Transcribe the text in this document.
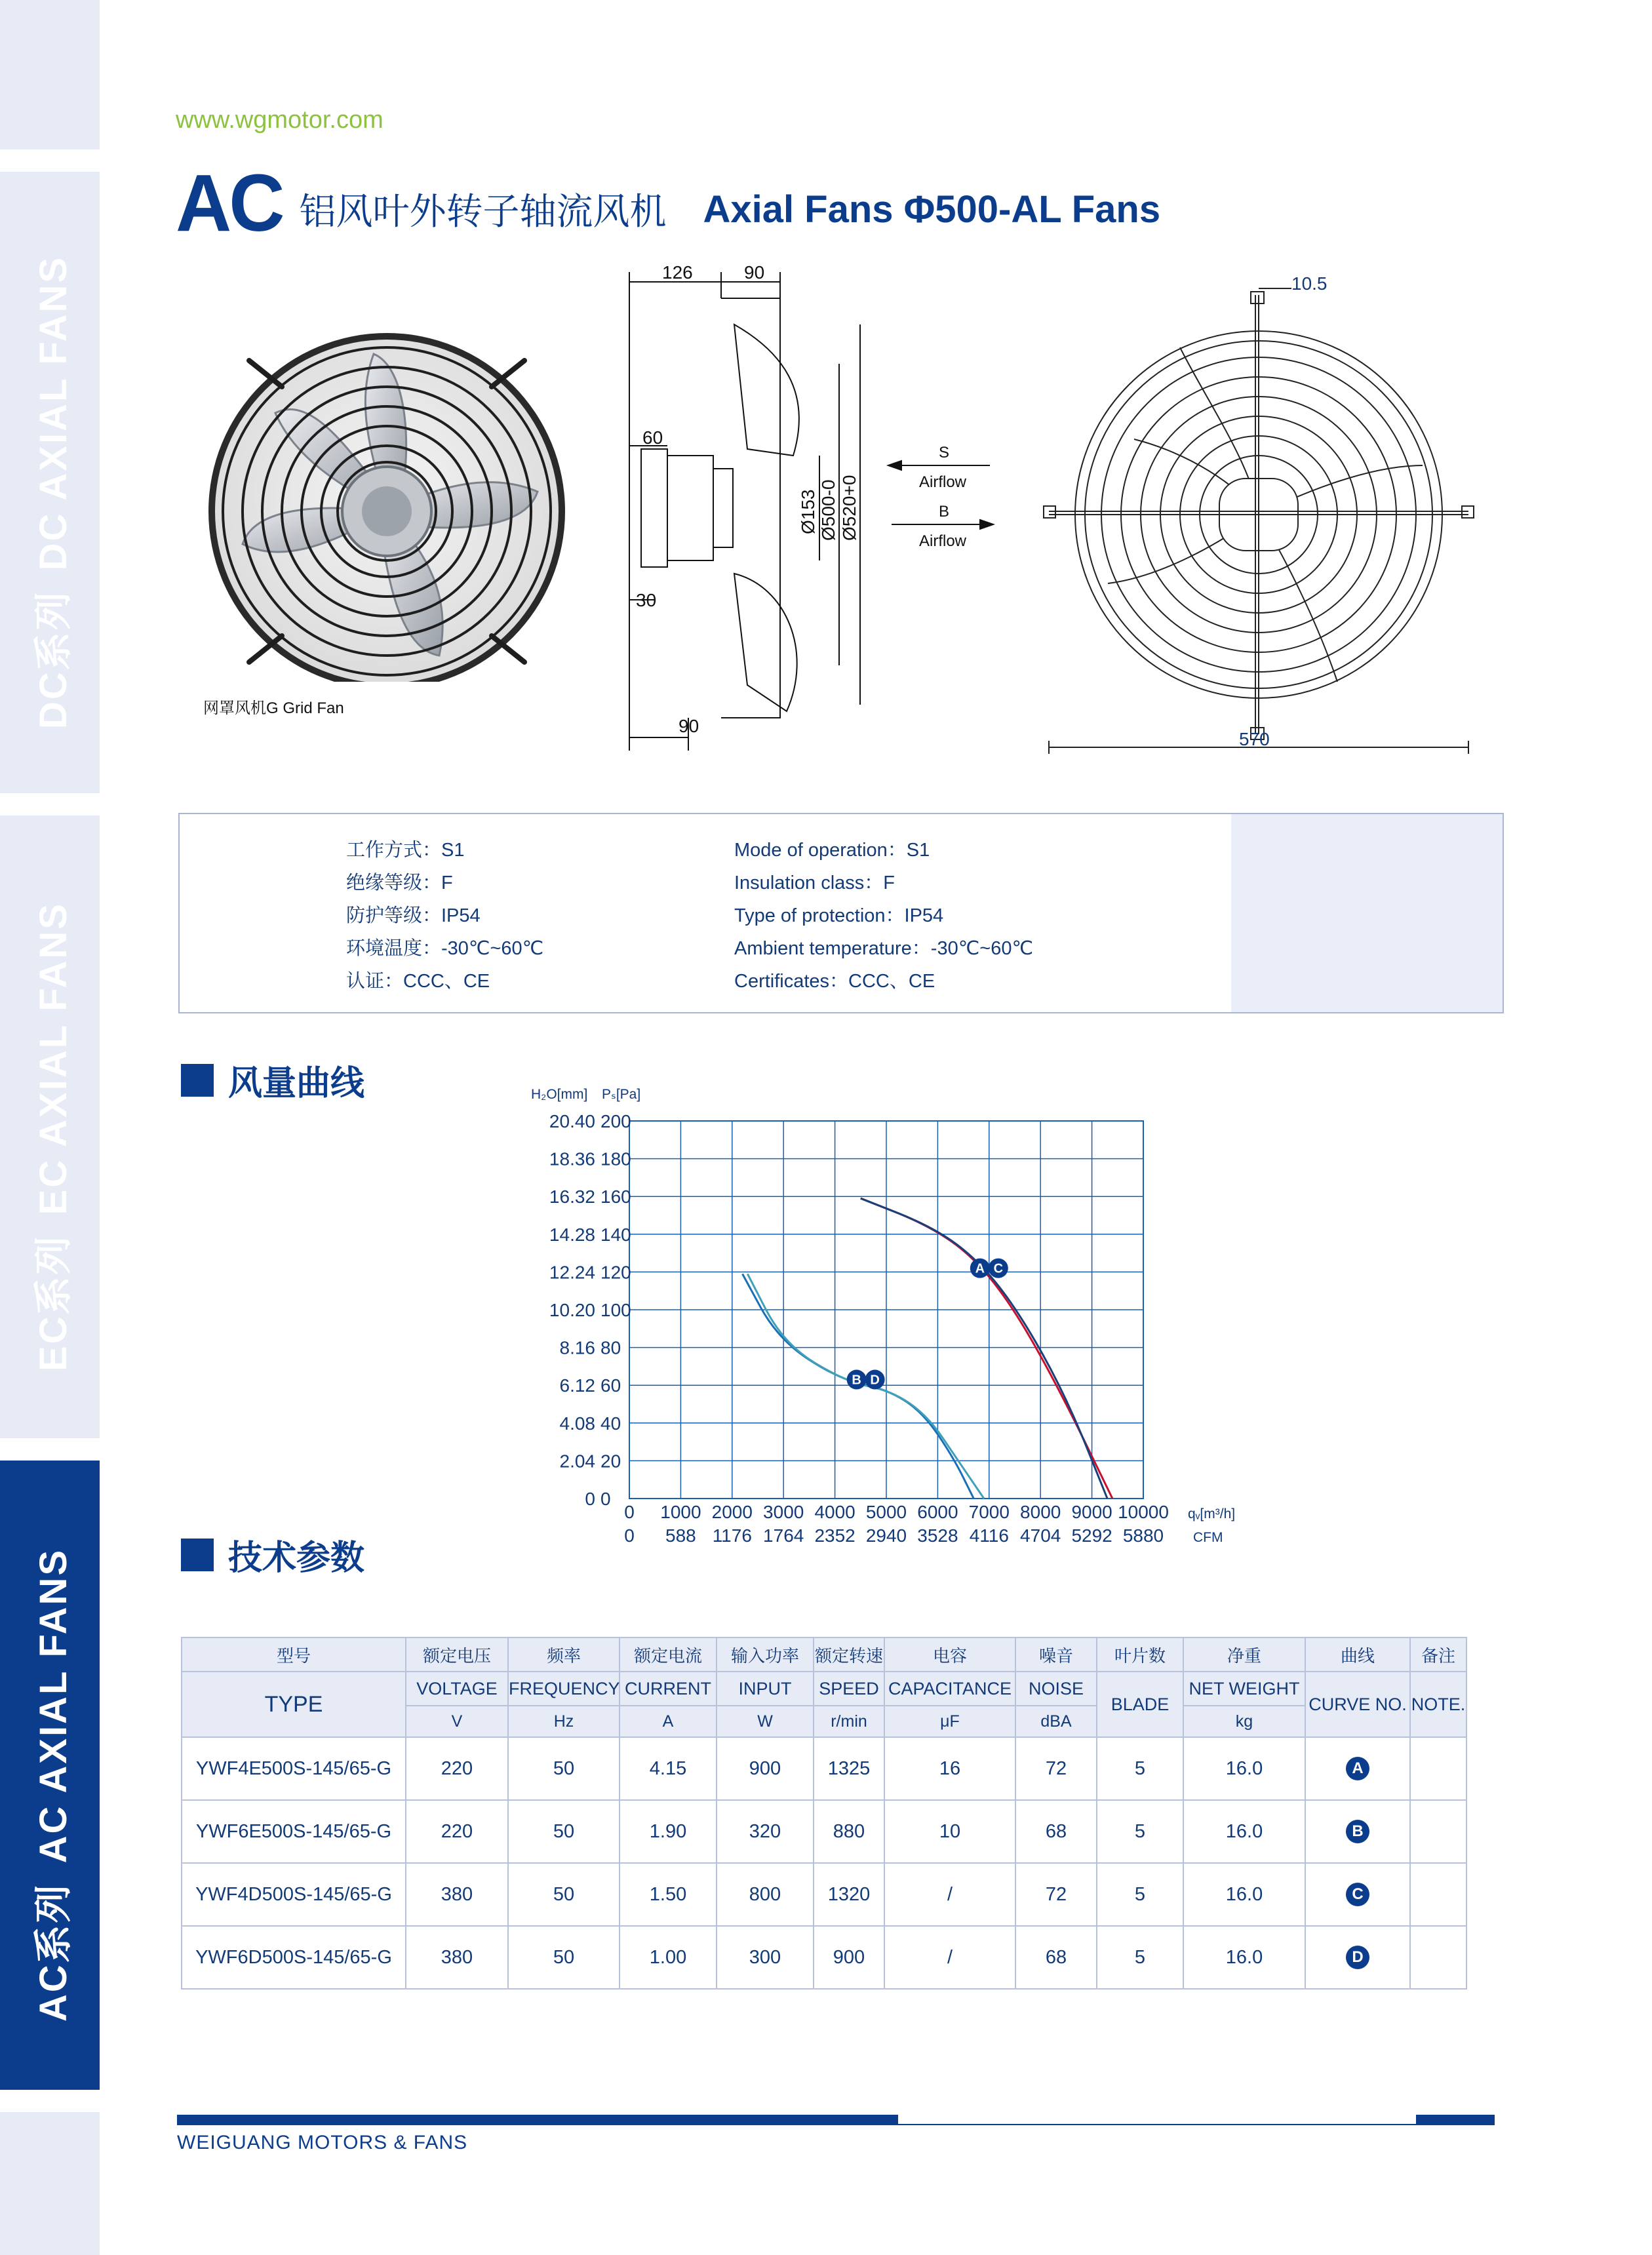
DC系列DC AXIAL FANS
EC系列EC AXIAL FANS
AC系列AC AXIAL FANS
www.wgmotor.com
AC 铝风叶外转子轴流风机 Axial Fans Φ500-AL Fans
网罩风机G Grid Fan
126	90
60
30
90
Ø153 Ø500-0 Ø520+0
S
Airflow
B
Airflow
10.5
570
工作方式：S1
绝缘等级：F
防护等级：IP54
环境温度：-30℃~60℃
认证：CCC、CE
Mode of operation：S1
Insulation class：F
Type of protection：IP54
Ambient temperature：-30℃~60℃
Certificates：CCC、CE
风量曲线
20.40
18.36
16.32
14.28
12.24
10.20
8.16
6.12
4.08
2.04
0
200
180
160
140
120
100
80
60
40
20
0
0 1000 2000 3000 4000 5000 6000 7000 8000 9000 10000
0 588 1176 1764 2352 2940 3528 4116 4704 5292 5880
A C
B D
H₂O[mm] Pₛ[Pa]
qᵥ[m³/h]
CFM
技术参数
型号	额定电压	频率	额定电流	输入功率	额定转速	电容	噪音	叶片数	净重	曲线	备注
TYPE	VOLTAGE	FREQUENCY	CURRENT	INPUT	SPEED	CAPACITANCE	NOISE	BLADE	NET WEIGHT	CURVE NO.	NOTE.
	V	Hz	A	W	r/min	μF	dBA		kg		
YWF4E500S-145/65-G	220	50	4.15	900	1325	16	72	5	16.0	A	
YWF6E500S-145/65-G	220	50	1.90	320	880	10	68	5	16.0	B	
YWF4D500S-145/65-G	380	50	1.50	800	1320	/	72	5	16.0	C	
YWF6D500S-145/65-G	380	50	1.00	300	900	/	68	5	16.0	D	
WEIGUANG MOTORS & FANS
